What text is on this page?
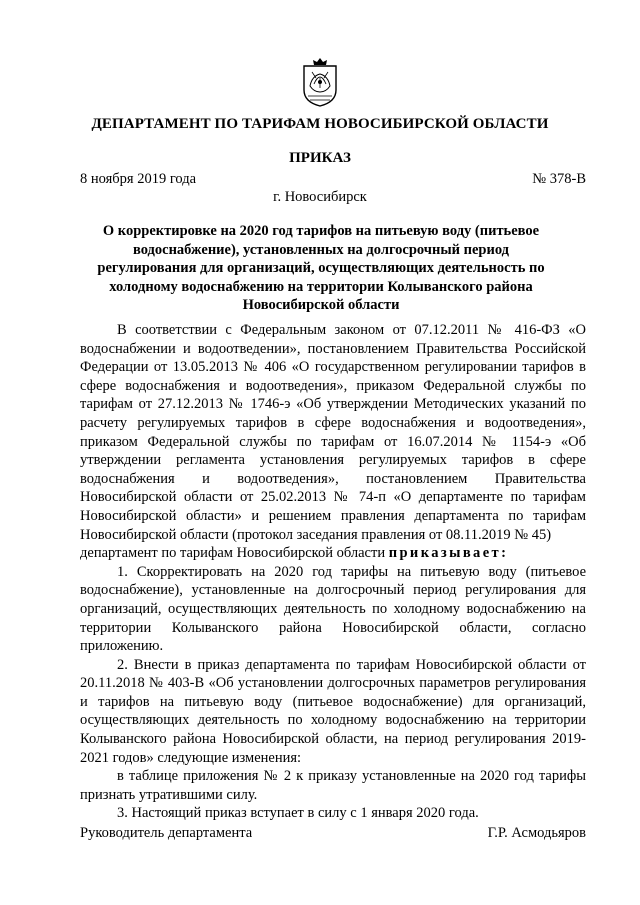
ДЕПАРТАМЕНТ ПО ТАРИФАМ НОВОСИБИРСКОЙ ОБЛАСТИ
ПРИКАЗ
8 ноября 2019 года	№ 378-В
г. Новосибирск
О корректировке на 2020 год тарифов на питьевую воду (питьевое водоснабжение), установленных на долгосрочный период регулирования для организаций, осуществляющих деятельность по холодному водоснабжению на территории Колыванского района Новосибирской области

В соответствии с Федеральным законом от 07.12.2011 № 416-ФЗ «О водоснабжении и водоотведении», постановлением Правительства Российской Федерации от 13.05.2013 № 406 «О государственном регулировании тарифов в сфере водоснабжения и водоотведения», приказом Федеральной службы по тарифам от 27.12.2013 № 1746-э «Об утверждении Методических указаний по расчету регулируемых тарифов в сфере водоснабжения и водоотведения», приказом Федеральной службы по тарифам от 16.07.2014 № 1154-э «Об утверждении регламента установления регулируемых тарифов в сфере водоснабжения и водоотведения», постановлением Правительства Новосибирской области от 25.02.2013 № 74-п «О департаменте по тарифам Новосибирской области» и решением правления департамента по тарифам Новосибирской области (протокол заседания правления от 08.11.2019 № 45)

департамент по тарифам Новосибирской области приказывает:

1. Скорректировать на 2020 год тарифы на питьевую воду (питьевое водоснабжение), установленные на долгосрочный период регулирования для организаций, осуществляющих деятельность по холодному водоснабжению на территории Колыванского района Новосибирской области, согласно приложению.

2. Внести в приказ департамента по тарифам Новосибирской области от 20.11.2018 № 403-В «Об установлении долгосрочных параметров регулирования и тарифов на питьевую воду (питьевое водоснабжение) для организаций, осуществляющих деятельность по холодному водоснабжению на территории Колыванского района Новосибирской области, на период регулирования 2019-2021 годов» следующие изменения:

в таблице приложения № 2 к приказу установленные на 2020 год тарифы признать утратившими силу.

3. Настоящий приказ вступает в силу с 1 января 2020 года.

Руководитель департамента	Г.Р. Асмодьяров
